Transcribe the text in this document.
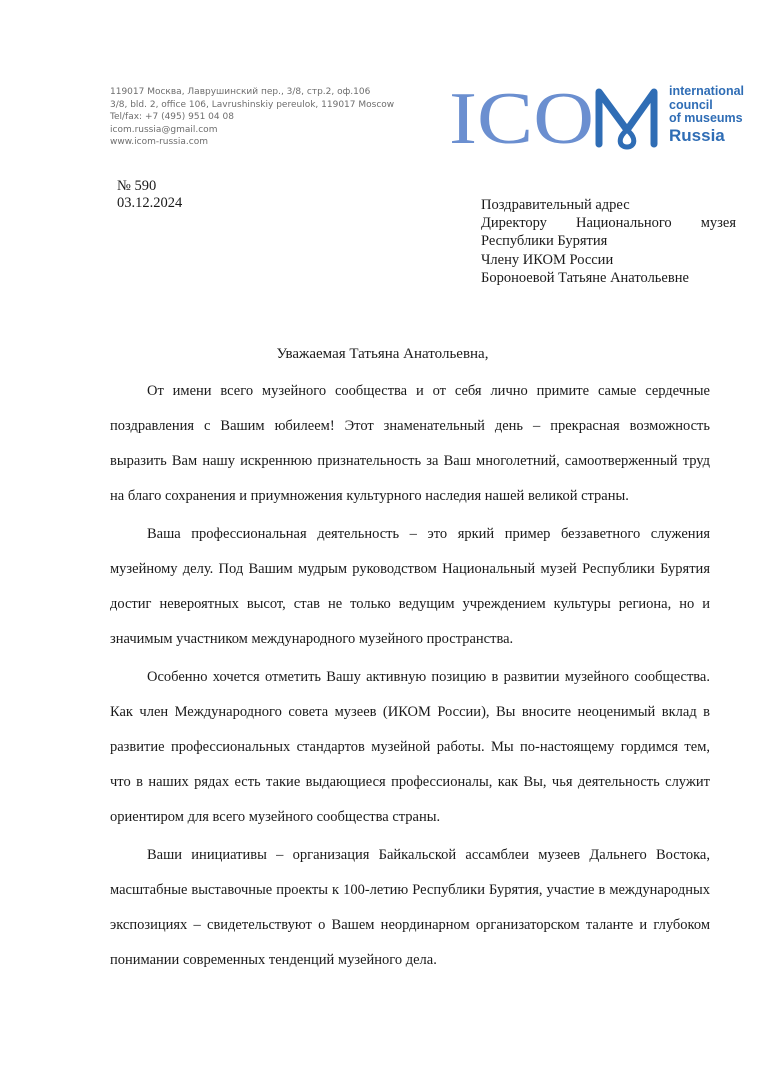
119017 Москва, Лаврушинский пер., 3/8, стр.2, оф.106
3/8, bld. 2, office 106, Lavrushinskiy pereulok, 119017 Moscow
Tel/fax: +7 (495) 951 04 08
icom.russia@gmail.com
www.icom-russia.com	ICO	international
council
of museums
Russia
№ 590
03.12.2024	Поздравительный адрес
Директору Национального музея
Республики Бурятия
Члену ИКОМ России
Бороноевой Татьяне Анатольевне
Уважаемая Татьяна Анатольевна,

От имени всего музейного сообщества и от себя лично примите самые сердечные поздравления с Вашим юбилеем! Этот знаменательный день – прекрасная возможность выразить Вам нашу искреннюю признательность за Ваш многолетний, самоотверженный труд на благо сохранения и приумножения культурного наследия нашей великой страны.

Ваша профессиональная деятельность – это яркий пример беззаветного служения музейному делу. Под Вашим мудрым руководством Национальный музей Республики Бурятия достиг невероятных высот, став не только ведущим учреждением культуры региона, но и значимым участником международного музейного пространства.

Особенно хочется отметить Вашу активную позицию в развитии музейного сообщества. Как член Международного совета музеев (ИКОМ России), Вы вносите неоценимый вклад в развитие профессиональных стандартов музейной работы. Мы по-настоящему гордимся тем, что в наших рядах есть такие выдающиеся профессионалы, как Вы, чья деятельность служит ориентиром для всего музейного сообщества страны.

Ваши инициативы – организация Байкальской ассамблеи музеев Дальнего Востока, масштабные выставочные проекты к 100-летию Республики Бурятия, участие в международных экспозициях – свидетельствуют о Вашем неординарном организаторском таланте и глубоком понимании современных тенденций музейного дела.
